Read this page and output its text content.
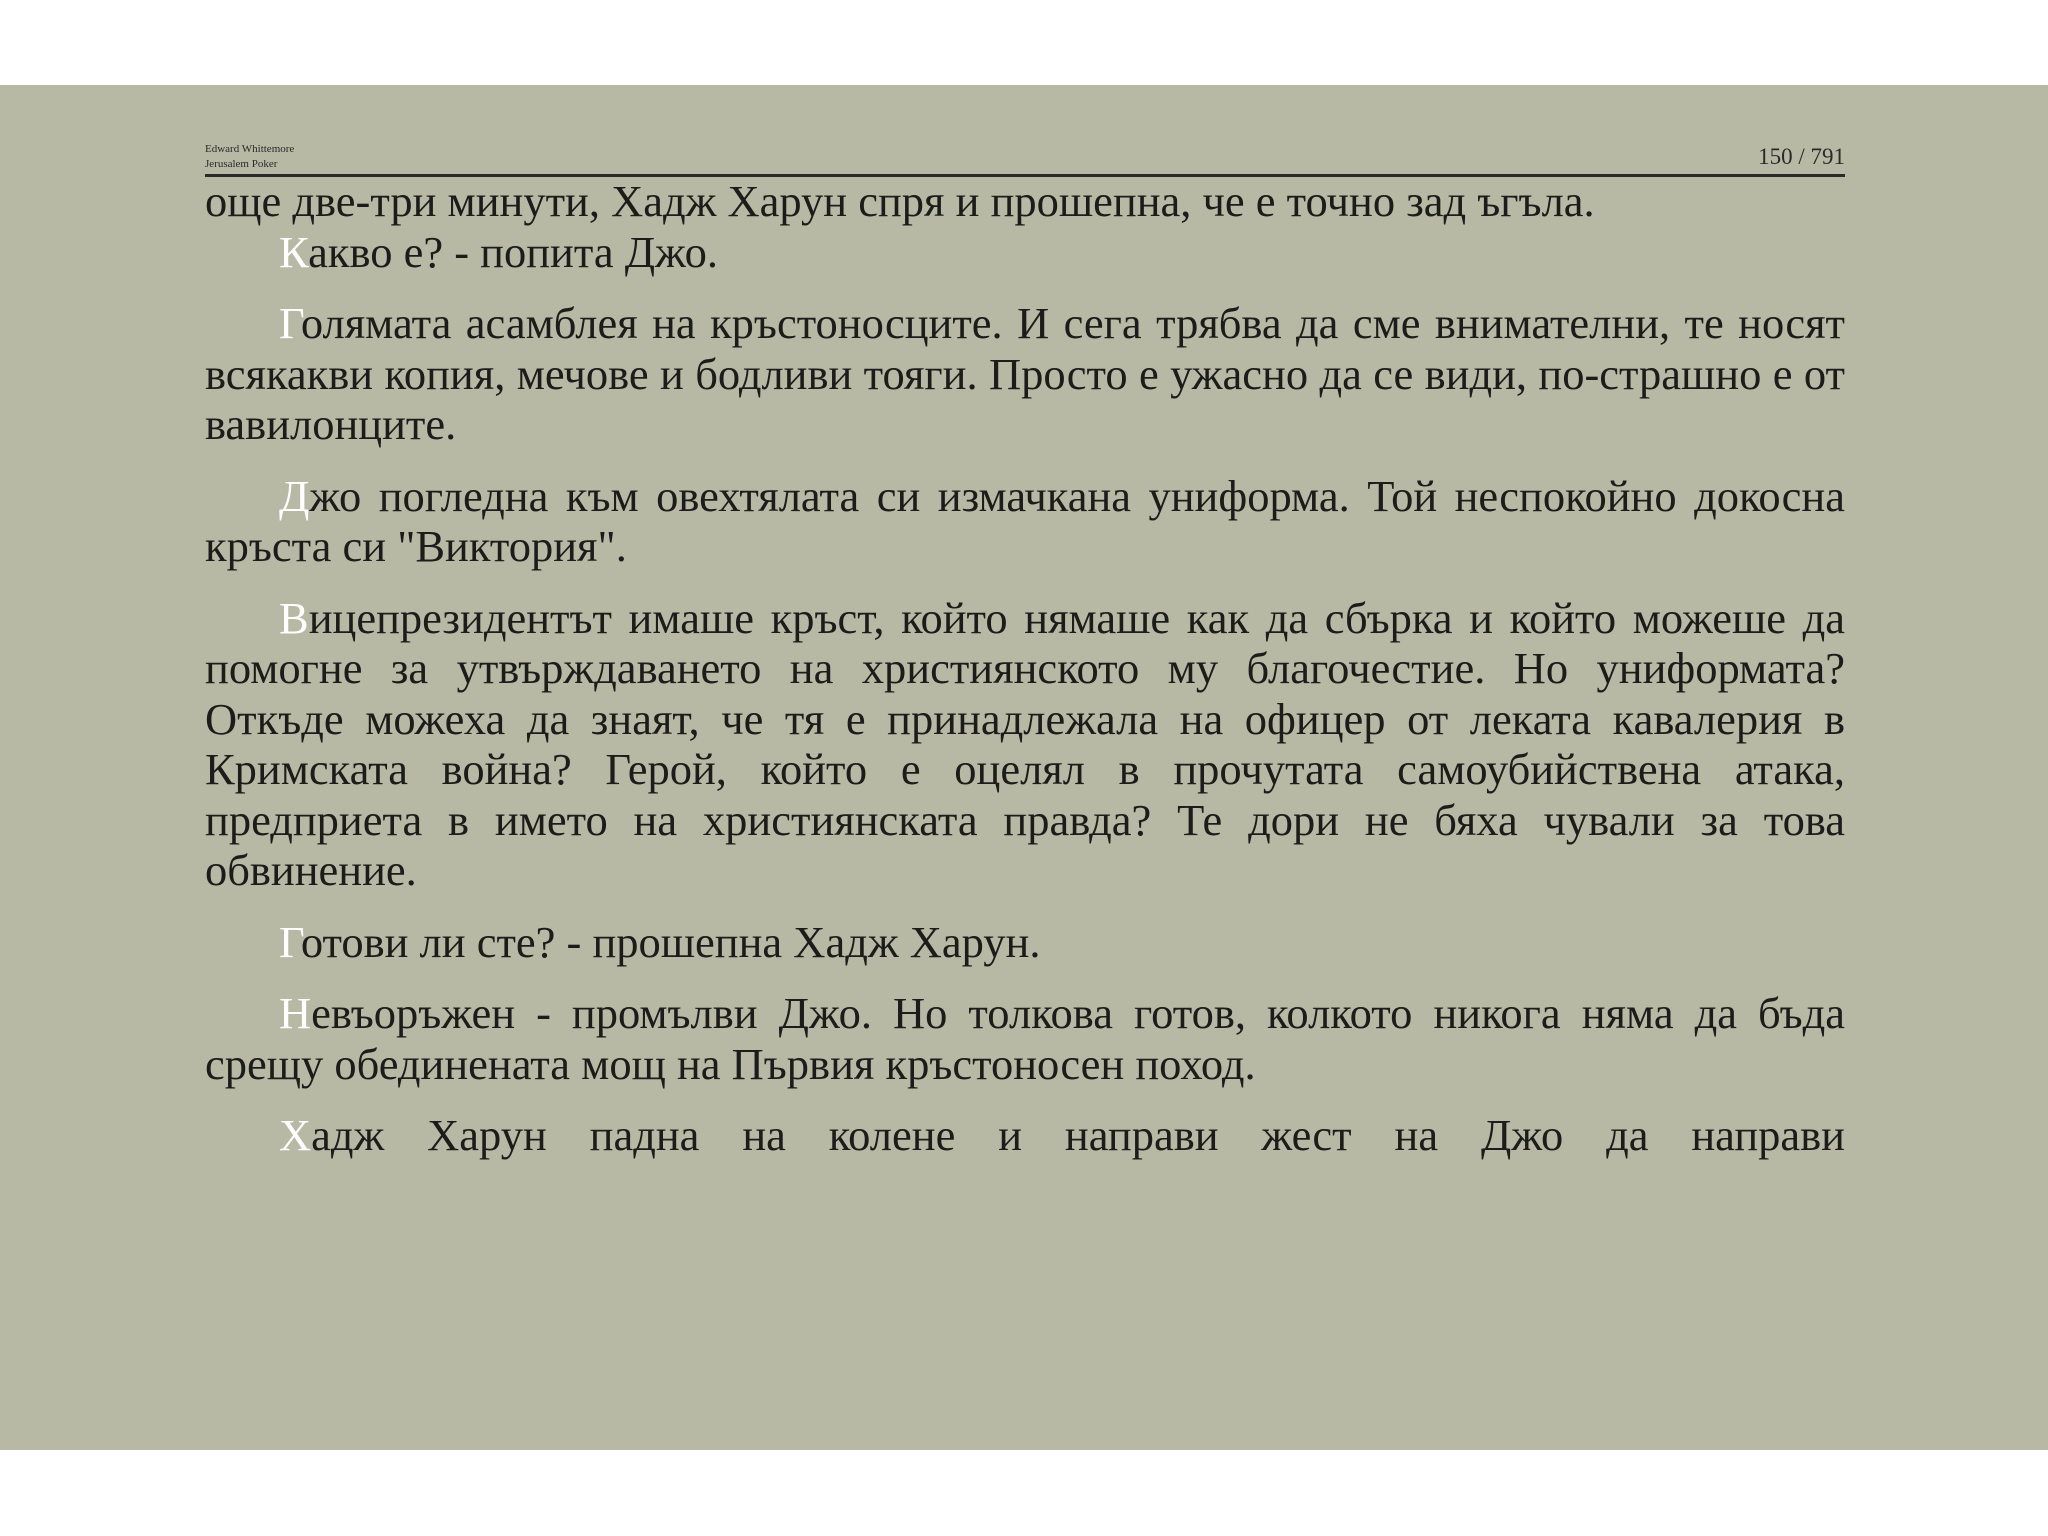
Edward Whittemore
Jerusalem Poker	150 / 791

още две-три минути, Хадж Харун спря и прошепна, че е точно зад ъгъла.

Какво е? - попита Джо.

Голямата асамблея на кръстоносците. И сега трябва да сме внимателни, те носят всякакви копия, мечове и бодливи тояги. Просто е ужасно да се види, по-страшно е от вавилонците.

Джо погледна към овехтялата си измачкана униформа. Той неспокойно докосна кръста си "Виктория".

Вицепрезидентът имаше кръст, който нямаше как да сбърка и който можеше да помогне за утвърждаването на християнското му благочестие. Но униформата? Откъде можеха да знаят, че тя е принадлежала на офицер от леката кавалерия в Кримската война? Герой, който е оцелял в прочутата самоубийствена атака, предприета в името на християнската правда? Те дори не бяха чували за това обвинение.

Готови ли сте? - прошепна Хадж Харун.

Невъоръжен - промълви Джо. Но толкова готов, колкото никога няма да бъда срещу обединената мощ на Първия кръстоносен поход.

Хадж Харун падна на колене и направи жест на Джо да направи
